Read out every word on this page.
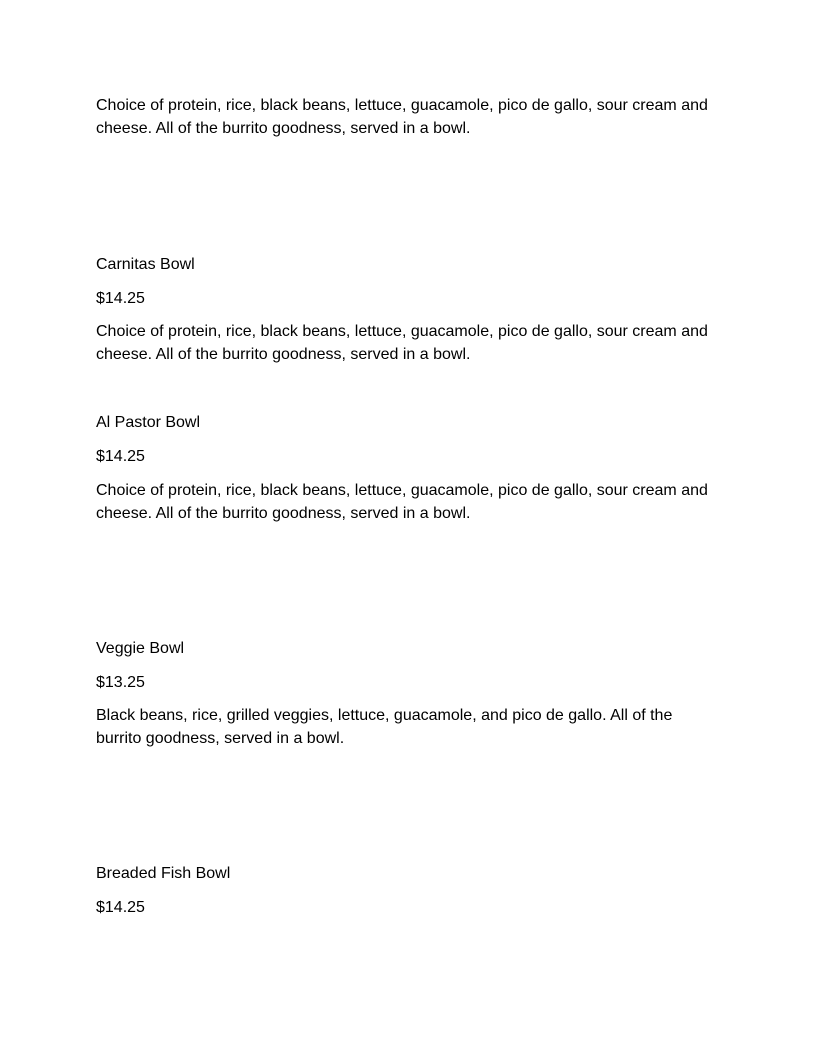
Choice of protein, rice, black beans, lettuce, guacamole, pico de gallo, sour cream and cheese. All of the burrito goodness, served in a bowl.

Carnitas Bowl

$14.25

Choice of protein, rice, black beans, lettuce, guacamole, pico de gallo, sour cream and cheese. All of the burrito goodness, served in a bowl.

Al Pastor Bowl

$14.25

Choice of protein, rice, black beans, lettuce, guacamole, pico de gallo, sour cream and cheese. All of the burrito goodness, served in a bowl.

Veggie Bowl

$13.25

Black beans, rice, grilled veggies, lettuce, guacamole, and pico de gallo. All of the burrito goodness, served in a bowl.

Breaded Fish Bowl

$14.25
